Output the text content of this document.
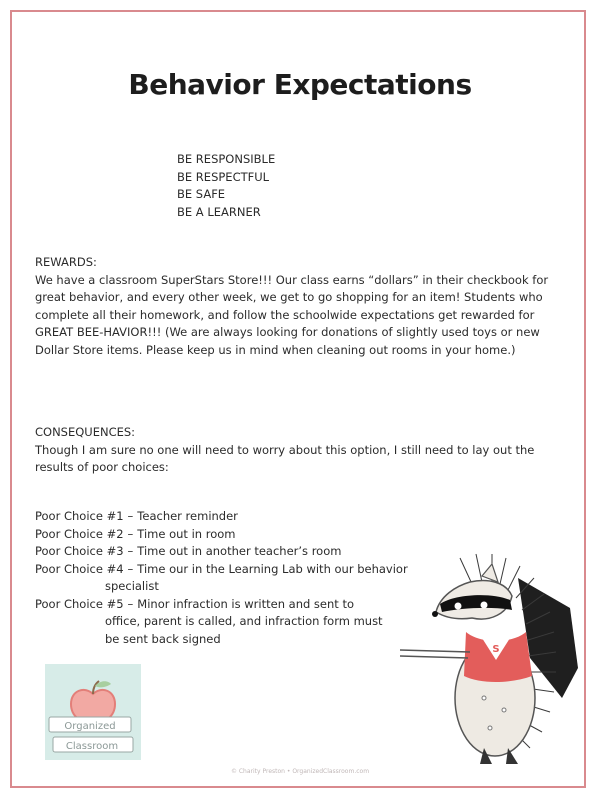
Behavior Expectations
BE RESPONSIBLE
BE RESPECTFUL
BE SAFE
BE A LEARNER
REWARDS:
We have a classroom SuperStars Store!!! Our class earns “dollars” in their checkbook for great behavior, and every other week, we get to go shopping for an item! Students who complete all their homework, and follow the schoolwide expectations get rewarded for GREAT BEE-HAVIOR!!! (We are always looking for donations of slightly used toys or new Dollar Store items. Please keep us in mind when cleaning out rooms in your home.)
CONSEQUENCES:
Though I am sure no one will need to worry about this option, I still need to lay out the results of poor choices:
Poor Choice #1 – Teacher reminder
Poor Choice #2 – Time out in room
Poor Choice #3 – Time out in another teacher’s room
Poor Choice #4 – Time our in the Learning Lab with our behavior
specialist
Poor Choice #5 – Minor infraction is written and sent to
office, parent is called, and infraction form must
be sent back signed
Organized
Classroom
S
© Charity Preston • OrganizedClassroom.com
